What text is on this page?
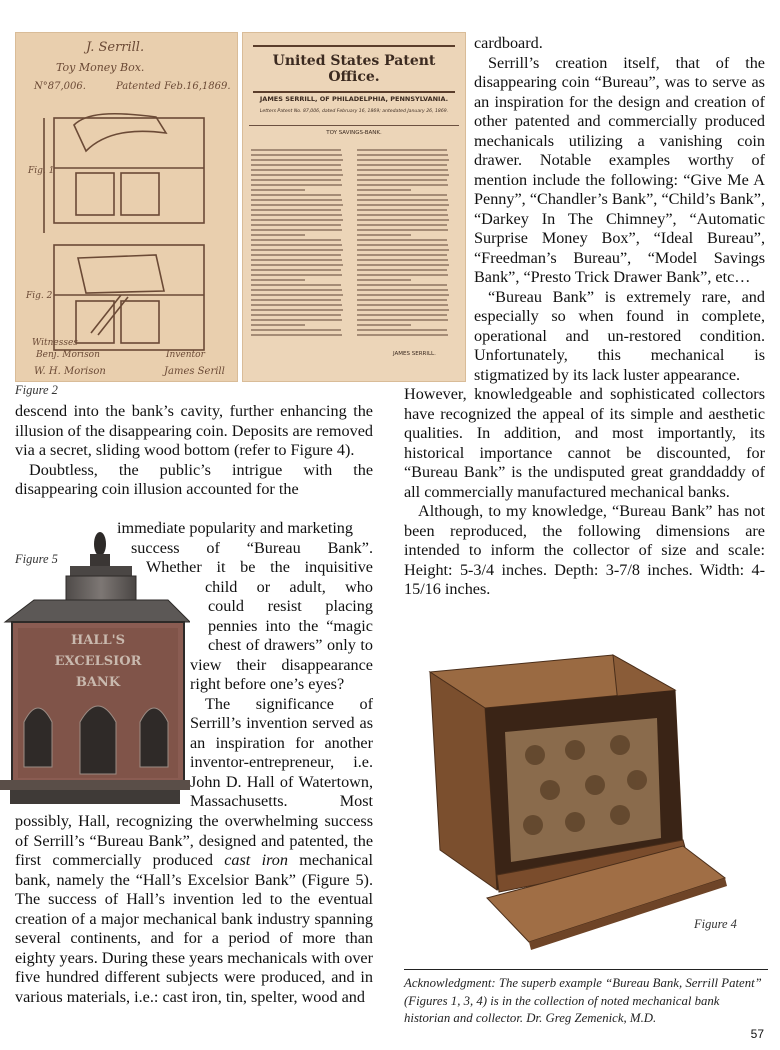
J. Serrill.
Toy Money Box.
N°87,006.	Patented Feb.16,1869.
Fig. 1
Fig. 2
Witnesses
Benj. Morison
W. H. Morison
Inventor
James Serill
United States Patent Office.
JAMES SERRILL, OF PHILADELPHIA, PENNSYLVANIA.
Letters Patent No. 87,006, dated February 16, 1869; antedated January 26, 1869.
TOY SAVINGS-BANK.
JAMES SERRILL.
Figure 2

descend into the bank’s cavity, further enhancing the illusion of the disappearing coin. Deposits are removed via a secret, sliding wood bottom (refer to Figure 4).

Doubtless, the public’s intrigue with the disappearing coin illusion accounted for the

Figure 5
HALL'S
EXCELSIOR
BANK
immediate popularity and marketing
success of “Bureau Bank”.
Whether it be the inquisitive
child or adult, who
could resist placing
pennies into the “magic
chest of drawers” only to
view their disappearance
right before one’s eyes?
The significance of
Serrill’s invention served as
an inspiration for another
inventor-entrepreneur, i.e.
John D. Hall of Watertown,
Massachusetts. Most

possibly, Hall, recognizing the overwhelming success of Serrill’s “Bureau Bank”, designed and patented, the first commercially produced cast iron mechanical bank, namely the “Hall’s Excelsior Bank” (Figure 5). The success of Hall’s invention led to the eventual creation of a major mechanical bank industry spanning several continents, and for a period of more than eighty years. During these years mechanicals with over five hundred different subjects were produced, and in various materials, i.e.: cast iron, tin, spelter, wood and

cardboard.

Serrill’s creation itself, that of the disappearing coin “Bureau”, was to serve as an inspiration for the design and creation of other patented and commercially produced mechanicals utilizing a vanishing coin drawer. Notable examples worthy of mention include the following: “Give Me A Penny”, “Chandler’s Bank”, “Child’s Bank”, “Darkey In The Chimney”, “Automatic Surprise Money Box”, “Ideal Bureau”, “Freedman’s Bureau”, “Model Savings Bank”, “Presto Trick Drawer Bank”, etc…

“Bureau Bank” is extremely rare, and especially so when found in complete, operational and un-restored condition. Unfortunately, this mechanical is stigmatized by its lack luster appearance.

However, knowledgeable and sophisticated collectors have recognized the appeal of its simple and aesthetic qualities. In addition, and most importantly, its historical importance cannot be discounted, for “Bureau Bank” is the undisputed great granddaddy of all commercially manufactured mechanical banks.

Although, to my knowledge, “Bureau Bank” has not been reproduced, the following dimensions are intended to inform the collector of size and scale: Height: 5-3/4 inches. Depth: 3-7/8 inches. Width: 4-15/16 inches.

Figure 4
Acknowledgment: The superb example “Bureau Bank, Serrill Patent” (Figures 1, 3, 4) is in the collection of noted mechanical bank historian and collector. Dr. Greg Zemenick, M.D.
57
